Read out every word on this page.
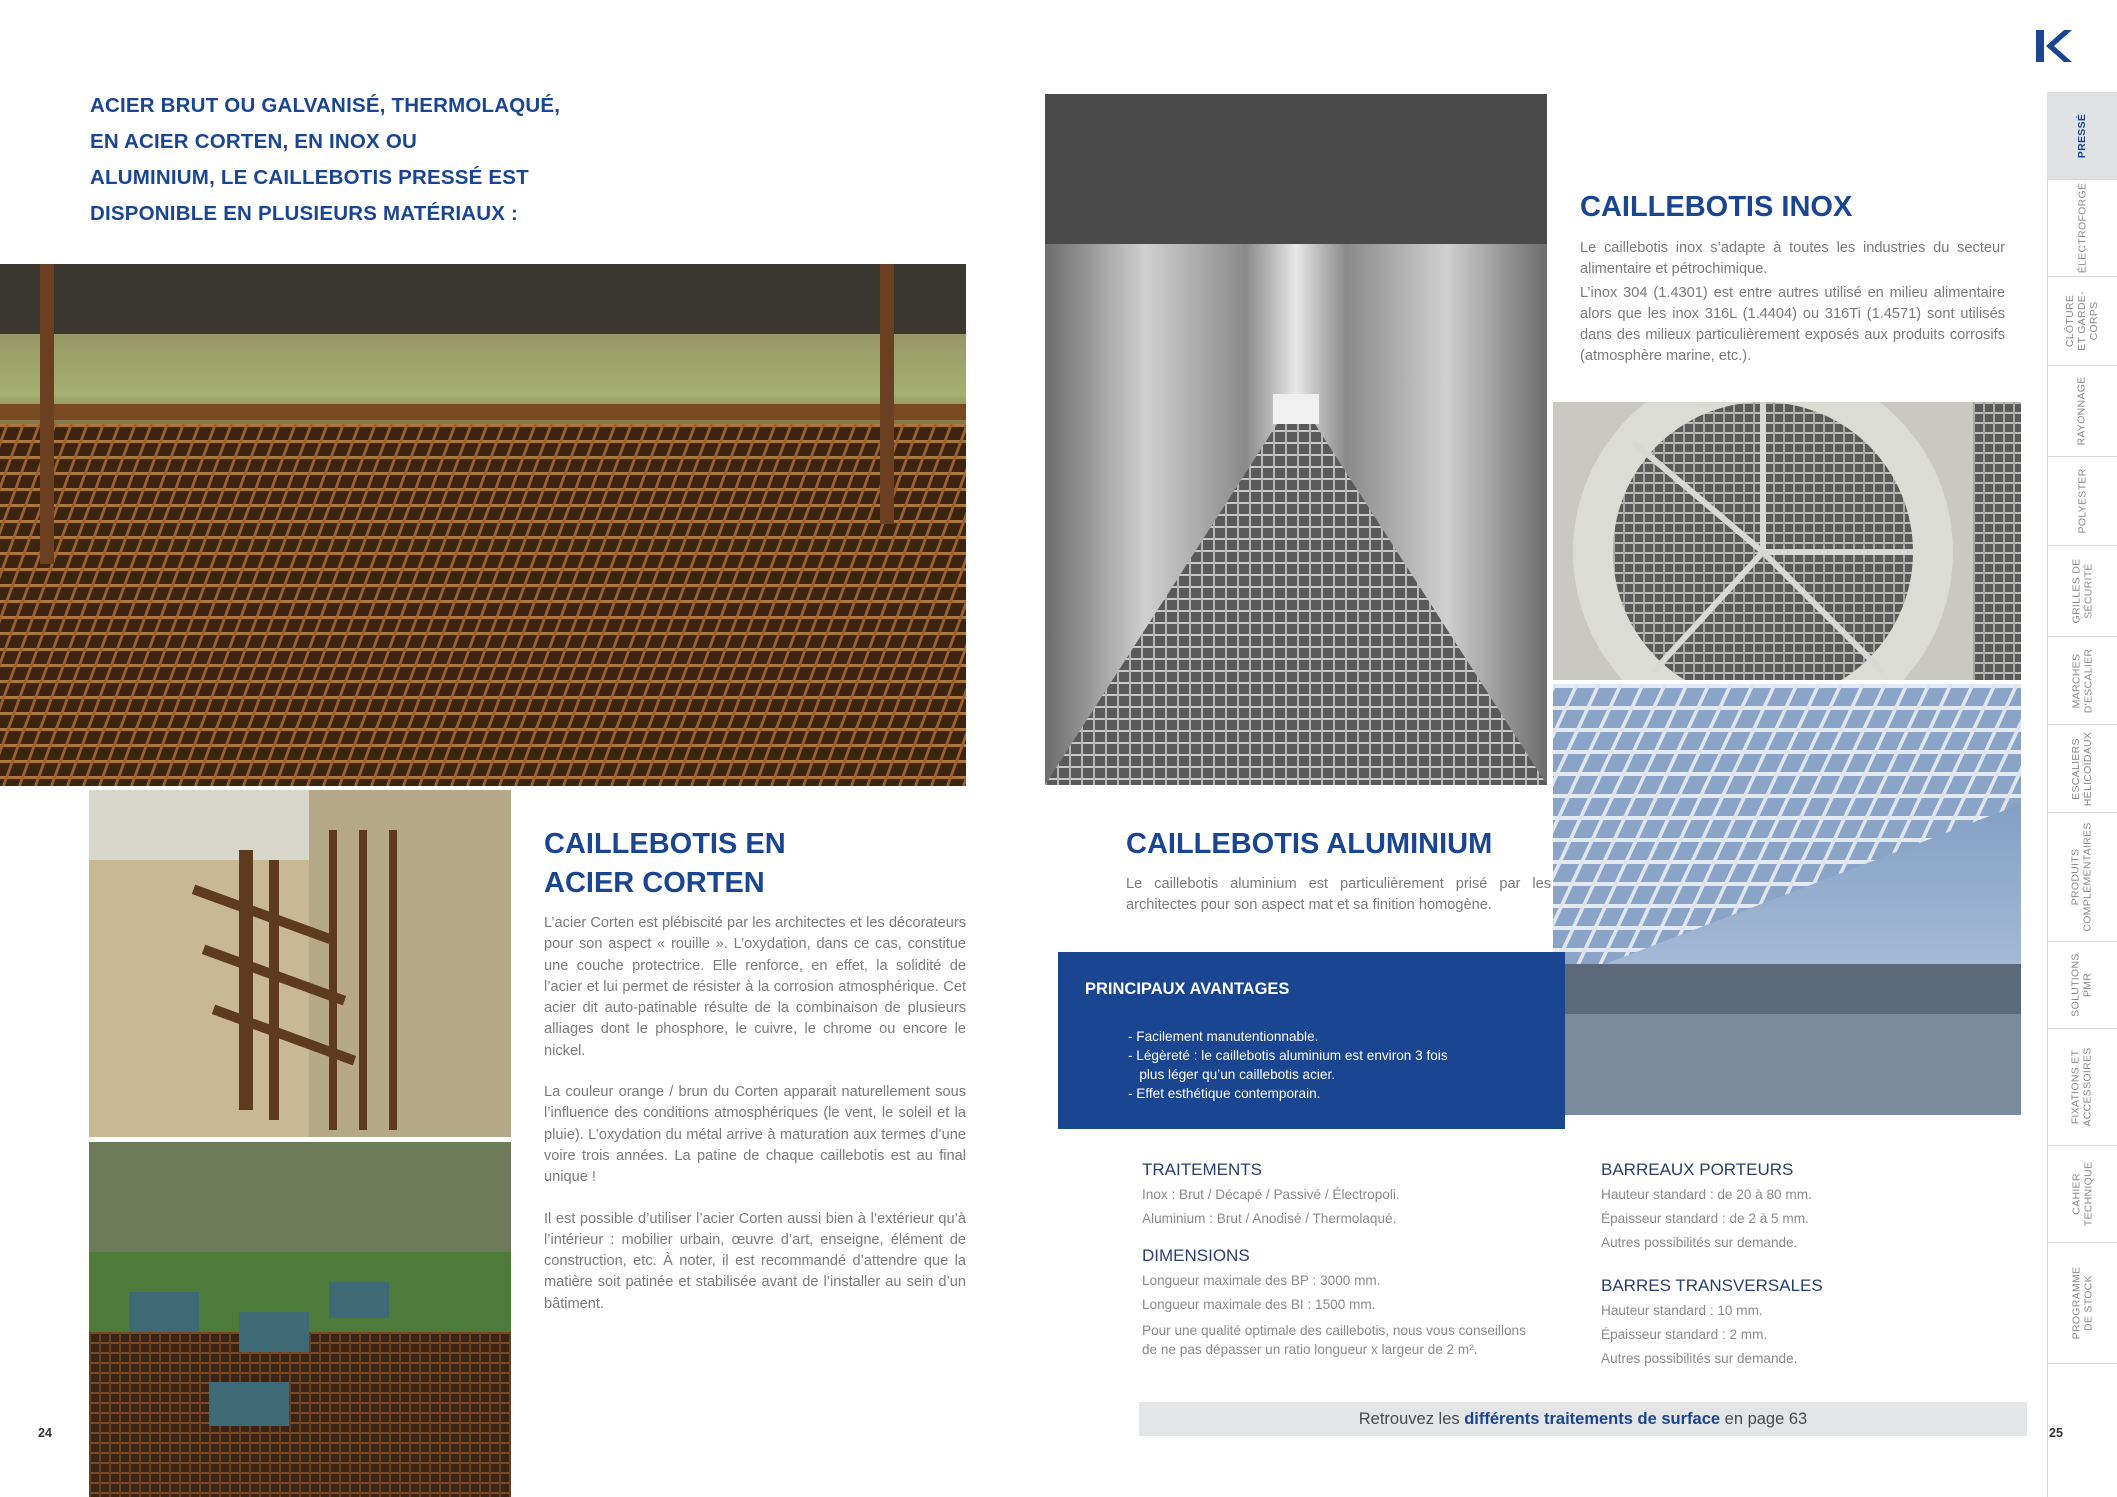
ACIER BRUT OU GALVANISÉ, THERMOLAQUÉ,
EN ACIER CORTEN, EN INOX OU
ALUMINIUM, LE CAILLEBOTIS PRESSÉ EST
DISPONIBLE EN PLUSIEURS MATÉRIAUX :
CAILLEBOTIS EN
ACIER CORTEN

L’acier Corten est plébiscité par les architectes et les décorateurs pour son aspect « rouille ». L’oxydation, dans ce cas, constitue une couche protectrice. Elle renforce, en effet, la solidité de l’acier et lui permet de résister à la corrosion atmosphérique. Cet acier dit auto-patinable résulte de la combinaison de plusieurs alliages dont le phosphore, le cuivre, le chrome ou encore le nickel.

La couleur orange / brun du Corten apparait naturellement sous l’influence des conditions atmosphériques (le vent, le soleil et la pluie). L’oxydation du métal arrive à maturation aux termes d’une voire trois années. La patine de chaque caillebotis est au final unique !

Il est possible d’utiliser l’acier Corten aussi bien à l’extérieur qu’à l’intérieur : mobilier urbain, œuvre d’art, enseigne, élément de construction, etc. À noter, il est recommandé d’attendre que la matière soit patinée et stabilisée avant de l’installer au sein d’un bâtiment.

24
CAILLEBOTIS INOX

Le caillebotis inox s’adapte à toutes les industries du secteur alimentaire et pétrochimique.

L’inox 304 (1.4301) est entre autres utilisé en milieu alimentaire alors que les inox 316L (1.4404) ou 316Ti (1.4571) sont utilisés dans des milieux particulièrement exposés aux produits corrosifs (atmosphère marine, etc.).

CAILLEBOTIS ALUMINIUM
Le caillebotis aluminium est particulièrement prisé par les architectes pour son aspect mat et sa finition homogène.
PRINCIPAUX AVANTAGES
- Facilement manutentionnable.
- Légèreté : le caillebotis aluminium est environ 3 fois
plus léger qu’un caillebotis acier.
- Effet esthétique contemporain.
TRAITEMENTS
Inox : Brut / Décapé / Passivé / Électropoli.
Aluminium : Brut / Anodisé / Thermolaqué.
DIMENSIONS
Longueur maximale des BP : 3000 mm.
Longueur maximale des BI : 1500 mm.
Pour une qualité optimale des caillebotis, nous vous conseillons
de ne pas dépasser un ratio longueur x largeur de 2 m².
BARREAUX PORTEURS
Hauteur standard : de 20 à 80 mm.
Épaisseur standard : de 2 à 5 mm.
Autres possibilités sur demande.
BARRES TRANSVERSALES
Hauteur standard : 10 mm.
Épaisseur standard : 2 mm.
Autres possibilités sur demande.
Retrouvez les différents traitements de surface en page 63
25
PRESSÉ
ÉLECTROFORGÉ
CLÔTURE
ET GARDE-
CORPS
RAYONNAGE
POLYESTER
GRILLES DE
SÉCURITÉ
MARCHES
D'ESCALIER
ESCALIERS
HÉLICOÏDAUX
PRODUITS
COMPLÉMENTAIRES
SOLUTIONS
PMR
FIXATIONS ET
ACCESSOIRES
CAHIER
TECHNIQUE
PROGRAMME
DE STOCK
